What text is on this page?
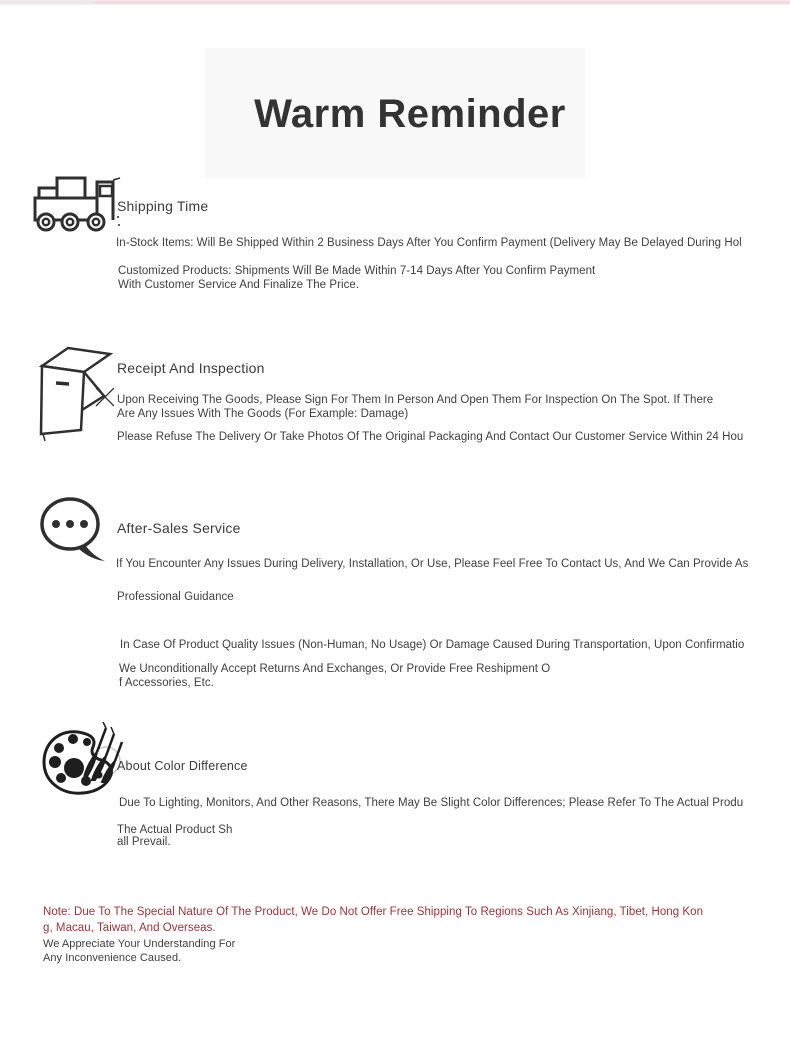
Warm Reminder
Shipping Time
In-Stock Items: Will Be Shipped Within 2 Business Days After You Confirm Payment (Delivery May Be Delayed During Hol
Customized Products: Shipments Will Be Made Within 7-14 Days After You Confirm Payment
With Customer Service And Finalize The Price.
Receipt And Inspection
Upon Receiving The Goods, Please Sign For Them In Person And Open Them For Inspection On The Spot. If There
Are Any Issues With The Goods (For Example: Damage)
Please Refuse The Delivery Or Take Photos Of The Original Packaging And Contact Our Customer Service Within 24 Hou
After-Sales Service
If You Encounter Any Issues During Delivery, Installation, Or Use, Please Feel Free To Contact Us, And We Can Provide As
Professional Guidance
In Case Of Product Quality Issues (Non-Human, No Usage) Or Damage Caused During Transportation, Upon Confirmatio
We Unconditionally Accept Returns And Exchanges, Or Provide Free Reshipment O
f Accessories, Etc.
About Color Difference
Due To Lighting, Monitors, And Other Reasons, There May Be Slight Color Differences; Please Refer To The Actual Produ
The Actual Product Sh
all Prevail.
Note: Due To The Special Nature Of The Product, We Do Not Offer Free Shipping To Regions Such As Xinjiang, Tibet, Hong Kon
g, Macau, Taiwan, And Overseas.
We Appreciate Your Understanding For
Any Inconvenience Caused.
